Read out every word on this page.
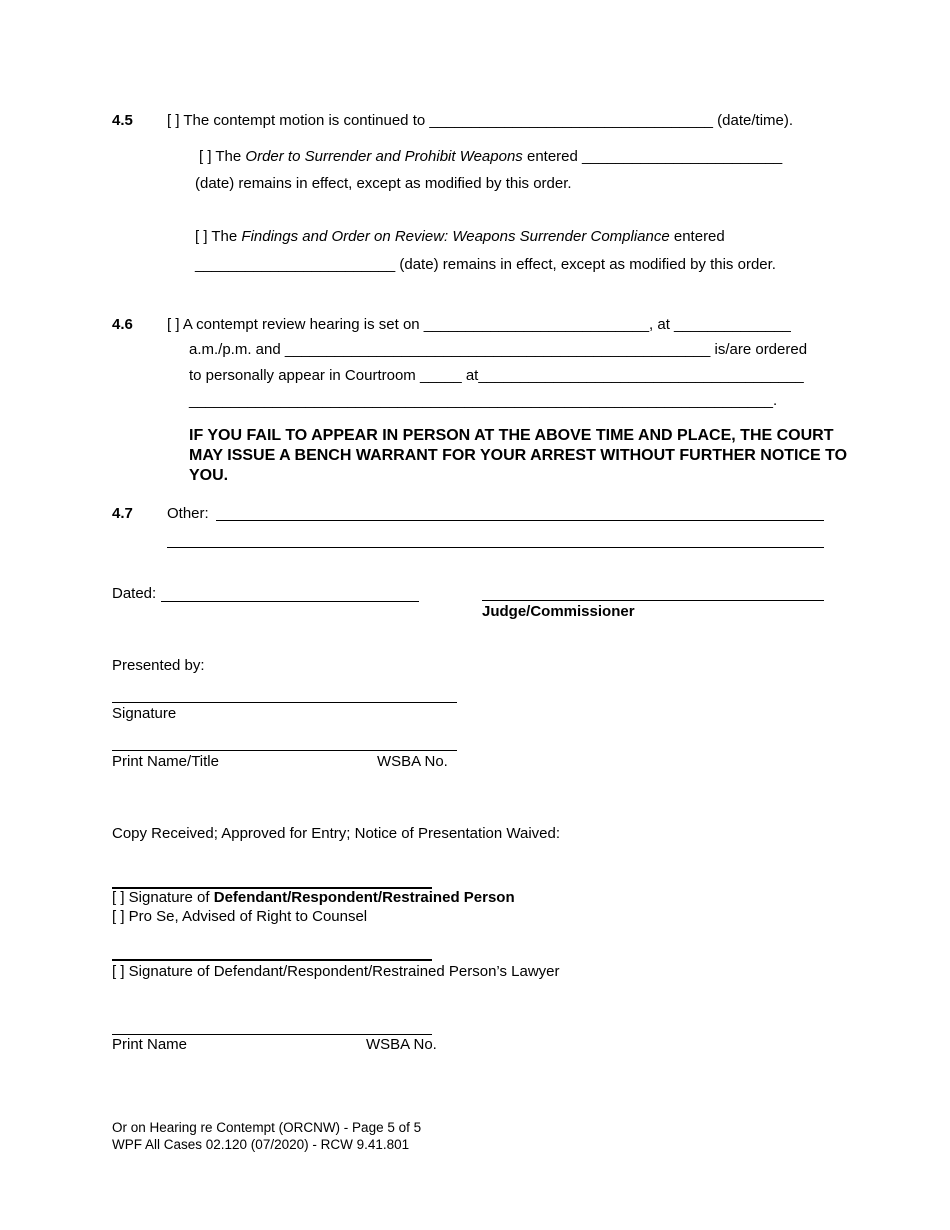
4.5 [ ] The contempt motion is continued to __________________________________ (date/time).
[ ] The Order to Surrender and Prohibit Weapons entered ________________________
(date) remains in effect, except as modified by this order.
[ ] The Findings and Order on Review: Weapons Surrender Compliance entered
________________________ (date) remains in effect, except as modified by this order.
4.6 [ ] A contempt review hearing is set on ___________________________, at ______________
a.m./p.m. and ___________________________________________________ is/are ordered
to personally appear in Courtroom _____ at_______________________________________
______________________________________________________________________.
IF YOU FAIL TO APPEAR IN PERSON AT THE ABOVE TIME AND PLACE, THE COURT MAY ISSUE A BENCH WARRANT FOR YOUR ARREST WITHOUT FURTHER NOTICE TO YOU.
4.7 Other:
Dated:
Judge/Commissioner
Presented by:
Signature
Print Name/Title	WSBA No.
Copy Received; Approved for Entry; Notice of Presentation Waived:
[ ] Signature of Defendant/Respondent/Restrained Person
[ ] Pro Se, Advised of Right to Counsel
[ ] Signature of Defendant/Respondent/Restrained Person’s Lawyer
Print Name	WSBA No.
Or on Hearing re Contempt (ORCNW) - Page 5 of 5
WPF All Cases 02.120 (07/2020) - RCW 9.41.801
